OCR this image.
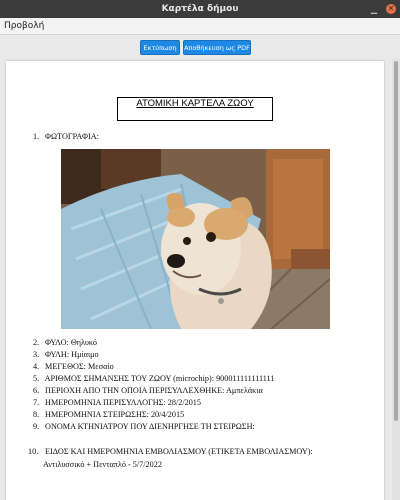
Καρτέλα δήμου	▁ ✕
Προβολή
Εκτύπωση	Αποθήκευση ως PDF
ΑΤΟΜΙΚΗ ΚΑΡΤΕΛΑ ΖΩΟΥ
1. ΦΩΤΟΓΡΑΦΙΑ:
2. ΦΥΛΟ: Θηλυκό
3. ΦΥΛΗ: Ημίαιμο
4. ΜΕΓΕΘΟΣ: Μεσαίο
5. ΑΡΙΘΜΟΣ ΣΗΜΑΝΣΗΣ ΤΟΥ ΖΩΟΥ (microchip): 900011111111111
6. ΠΕΡΙΟΧΗ ΑΠΟ ΤΗΝ ΟΠΟΙΑ ΠΕΡΙΣΥΛΛΕΧΘΗΚΕ: Αμπελάκια
7. ΗΜΕΡΟΜΗΝΙΑ ΠΕΡΙΣΥΛΛΟΓΗΣ: 28/2/2015
8. ΗΜΕΡΟΜΗΝΙΑ ΣΤΕΙΡΩΣΗΣ: 20/4/2015
9. ΟΝΟΜΑ ΚΤΗΝΙΑΤΡΟΥ ΠΟΥ ΔΙΕΝΗΡΓΗΣΕ ΤΗ ΣΤΕΙΡΩΣΗ:
10. ΕΙΔΟΣ ΚΑΙ ΗΜΕΡΟΜΗΝΙΑ ΕΜΒΟΛΙΑΣΜΟΥ (ΕΤΙΚΕΤΑ ΕΜΒΟΛΙΑΣΜΟΥ):
Αντιλυσσικό + Πενταπλό - 5/7/2022
